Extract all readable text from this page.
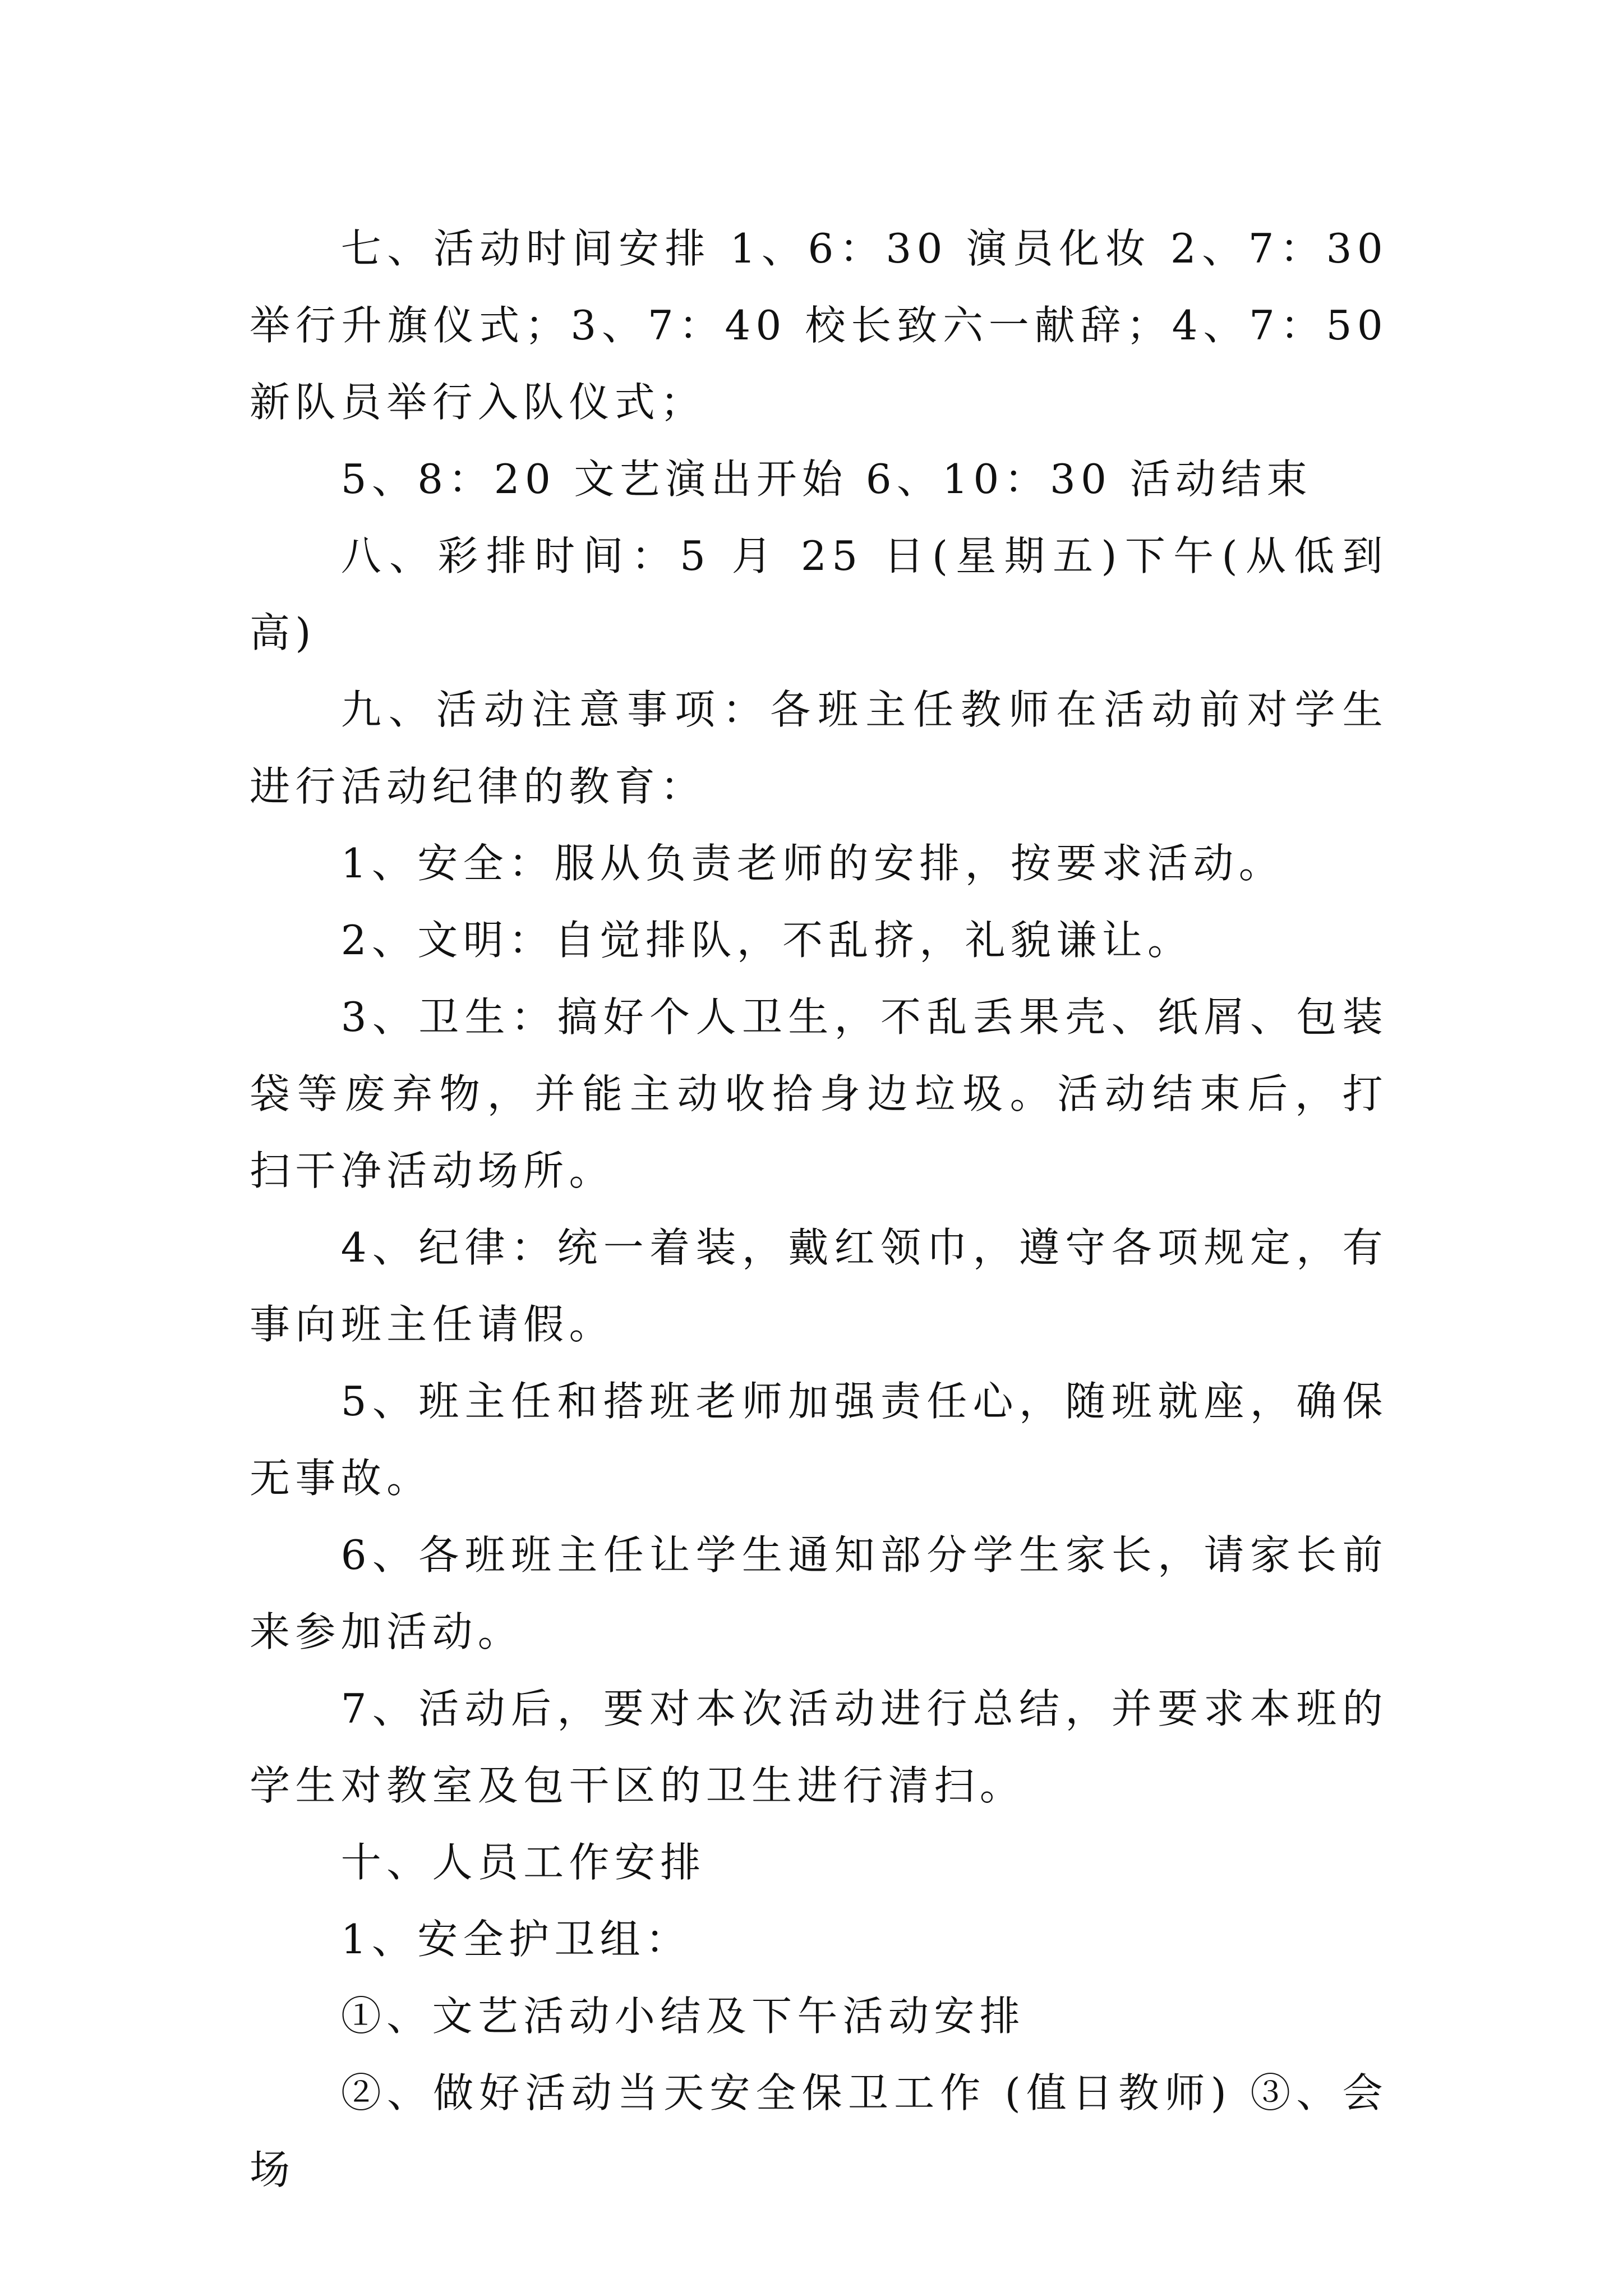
七、活动时间安排 1、6：30 演员化妆 2、7：30 举行升旗仪式；3、7：40 校长致六一献辞；4、7：50 新队员举行入队仪式；

5、8：20 文艺演出开始 6、10：30 活动结束

八、彩排时间：5 月 25 日(星期五)下午(从低到高)

九、活动注意事项：各班主任教师在活动前对学生进行活动纪律的教育：

1、安全：服从负责老师的安排，按要求活动。

2、文明：自觉排队，不乱挤，礼貌谦让。

3、卫生：搞好个人卫生，不乱丢果壳、纸屑、包装袋等废弃物，并能主动收拾身边垃圾。活动结束后，打扫干净活动场所。

4、纪律：统一着装，戴红领巾，遵守各项规定，有事向班主任请假。

5、班主任和搭班老师加强责任心，随班就座，确保无事故。

6、各班班主任让学生通知部分学生家长，请家长前来参加活动。

7、活动后，要对本次活动进行总结，并要求本班的学生对教室及包干区的卫生进行清扫。

十、人员工作安排

1、安全护卫组：

①、文艺活动小结及下午活动安排

②、做好活动当天安全保卫工作 (值日教师) ③、会场
